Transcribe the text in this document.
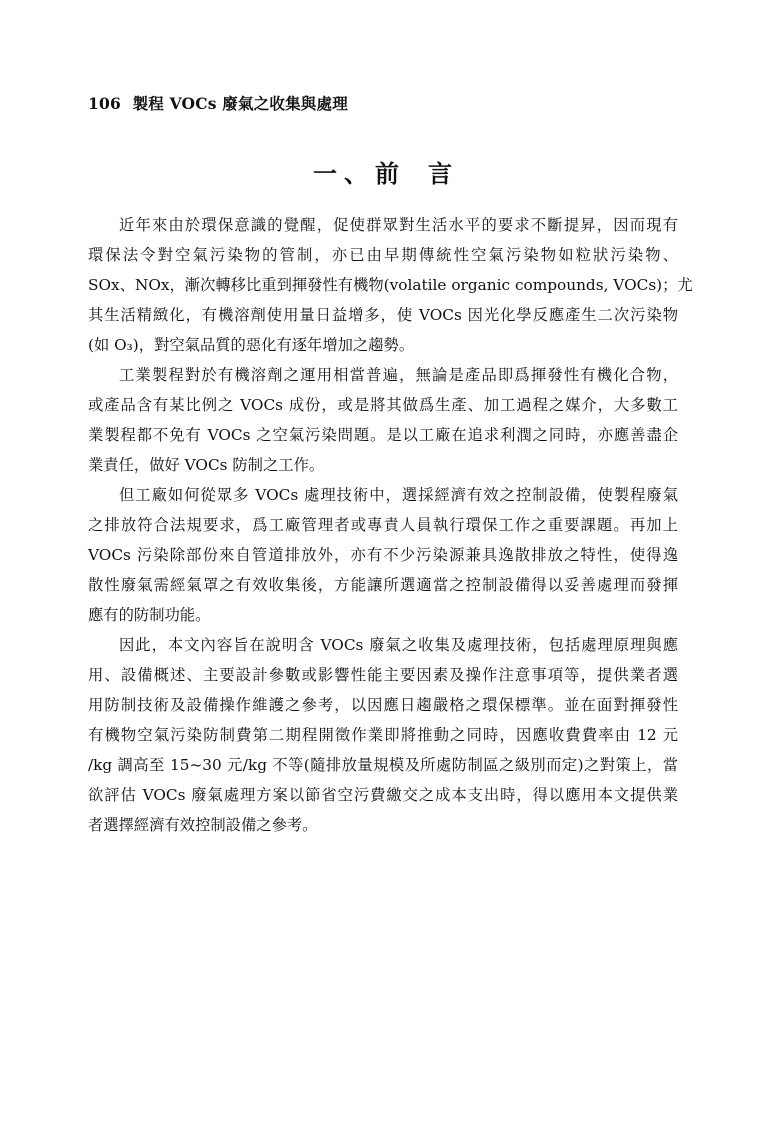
106 製程 VOCs 廢氣之收集與處理
一、前 言
近年來由於環保意識的覺醒，促使群眾對生活水平的要求不斷提昇，因而現有
環保法令對空氣污染物的管制，亦已由早期傳統性空氣污染物如粒狀污染物、
SOx、NOx，漸次轉移比重到揮發性有機物(volatile organic compounds, VOCs)；尤
其生活精緻化，有機溶劑使用量日益增多，使 VOCs 因光化學反應產生二次污染物
(如 O₃)，對空氣品質的惡化有逐年增加之趨勢。
工業製程對於有機溶劑之運用相當普遍，無論是產品即爲揮發性有機化合物，
或產品含有某比例之 VOCs 成份，或是將其做爲生產、加工過程之媒介，大多數工
業製程都不免有 VOCs 之空氣污染問題。是以工廠在追求利潤之同時，亦應善盡企
業責任，做好 VOCs 防制之工作。
但工廠如何從眾多 VOCs 處理技術中，選採經濟有效之控制設備，使製程廢氣
之排放符合法規要求，爲工廠管理者或專責人員執行環保工作之重要課題。再加上
VOCs 污染除部份來自管道排放外，亦有不少污染源兼具逸散排放之特性，使得逸
散性廢氣需經氣罩之有效收集後，方能讓所選適當之控制設備得以妥善處理而發揮
應有的防制功能。
因此，本文內容旨在說明含 VOCs 廢氣之收集及處理技術，包括處理原理與應
用、設備概述、主要設計參數或影響性能主要因素及操作注意事項等，提供業者選
用防制技術及設備操作維護之參考，以因應日趨嚴格之環保標準。並在面對揮發性
有機物空氣污染防制費第二期程開徵作業即將推動之同時，因應收費費率由 12 元
/kg 調高至 15~30 元/kg 不等(隨排放量規模及所處防制區之級別而定)之對策上，當
欲評估 VOCs 廢氣處理方案以節省空污費繳交之成本支出時，得以應用本文提供業
者選擇經濟有效控制設備之參考。
